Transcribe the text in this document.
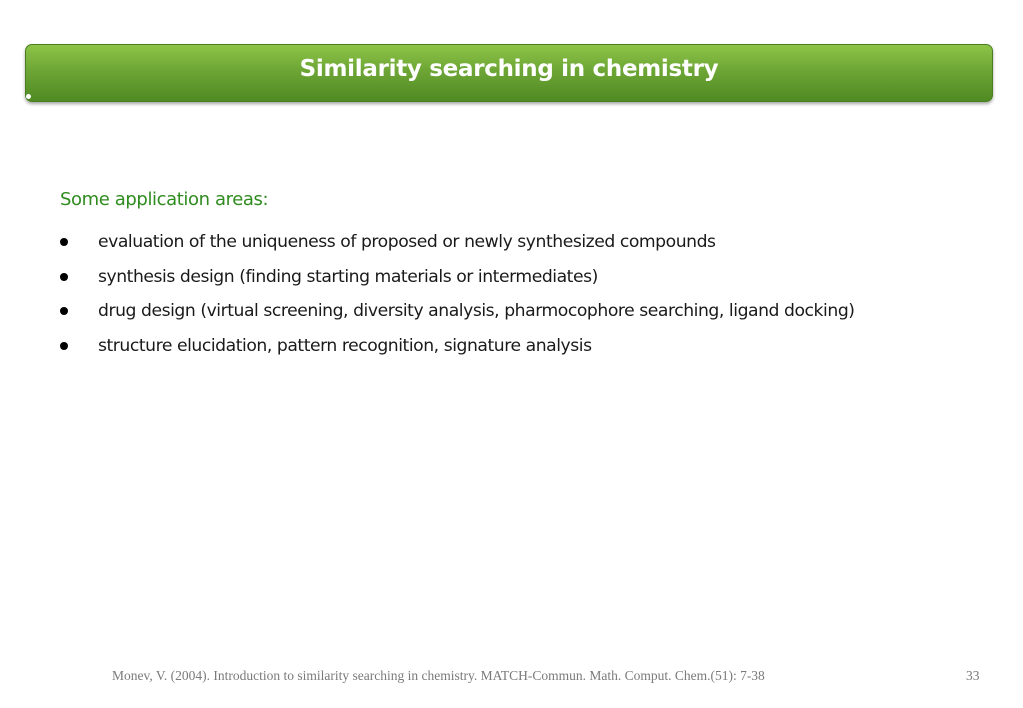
Similarity searching in chemistry
Some application areas:
evaluation of the uniqueness of proposed or newly synthesized compounds
synthesis design (finding starting materials or intermediates)
drug design (virtual screening, diversity analysis, pharmocophore searching, ligand docking)
structure elucidation, pattern recognition, signature analysis
Monev, V. (2004). Introduction to similarity searching in chemistry. MATCH-Commun. Math. Comput. Chem.(51): 7-38	33
